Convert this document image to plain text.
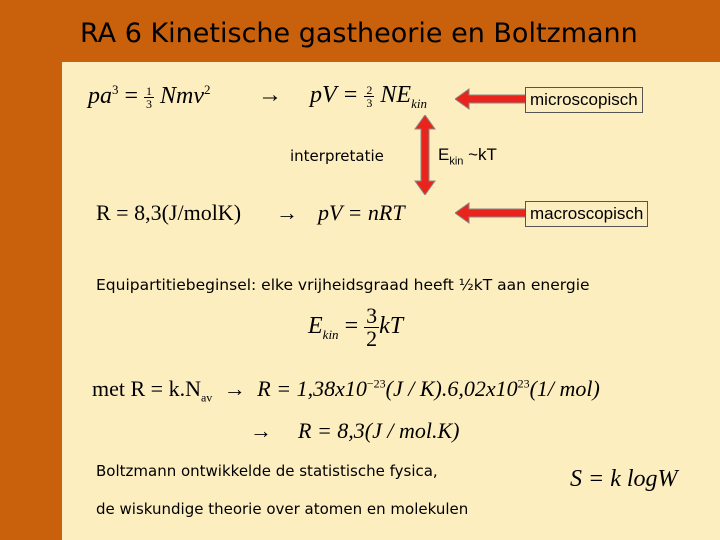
RA 6 Kinetische gastheorie en Boltzmann
$pa^3 = \frac{1}{3} Nmv^2$ → pV = $\frac{2}{3} NE_{kin}$	microscopisch
interpretatie	$E_{kin}$ ~kT
R = 8,3(J/molK) → pV = nRT	macroscopisch
Equipartitiebeginsel: elke vrijheidsgraad heeft ½kT aan energie
$E_{kin} = \frac{3}{2}$ kT
met $R = k.N_{av} \to R = 1,38x10^{-23}(J / K).6,02x10^{23}(1/$ mol)
→ R = 8,3(J / mol.K)
Boltzmann ontwikkelde de statistische fysica,
de wiskundige theorie over atomen en molekulen
S = k logW
